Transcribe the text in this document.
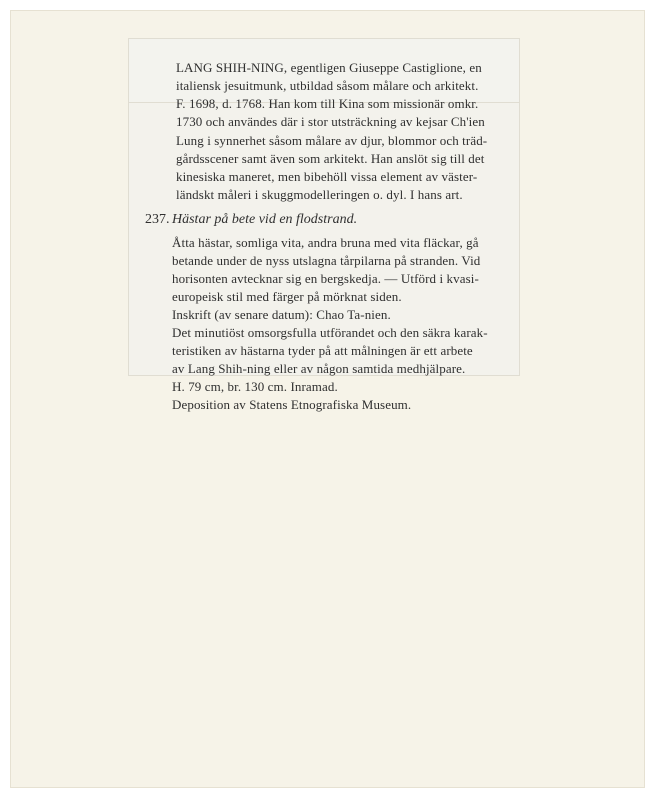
LANG SHIH-NING, egentligen Giuseppe Castiglione, en
italiensk jesuitmunk, utbildad såsom målare och arkitekt.
F. 1698, d. 1768. Han kom till Kina som missionär omkr.
1730 och användes där i stor utsträckning av kejsar Ch'ien
Lung i synnerhet såsom målare av djur, blommor och träd-
gårdsscener samt även som arkitekt. Han anslöt sig till det
kinesiska maneret, men bibehöll vissa element av väster-
ländskt måleri i skuggmodelleringen o. dyl. I hans art.
237. Hästar på bete vid en flodstrand.
Åtta hästar, somliga vita, andra bruna med vita fläckar, gå
betande under de nyss utslagna tårpilarna på stranden. Vid
horisonten avtecknar sig en bergskedja. — Utförd i kvasi-
europeisk stil med färger på mörknat siden.
Inskrift (av senare datum): Chao Ta-nien.
Det minutiöst omsorgsfulla utförandet och den säkra karak-
teristiken av hästarna tyder på att målningen är ett arbete
av Lang Shih-ning eller av någon samtida medhjälpare.
H. 79 cm, br. 130 cm. Inramad.
Deposition av Statens Etnografiska Museum.
